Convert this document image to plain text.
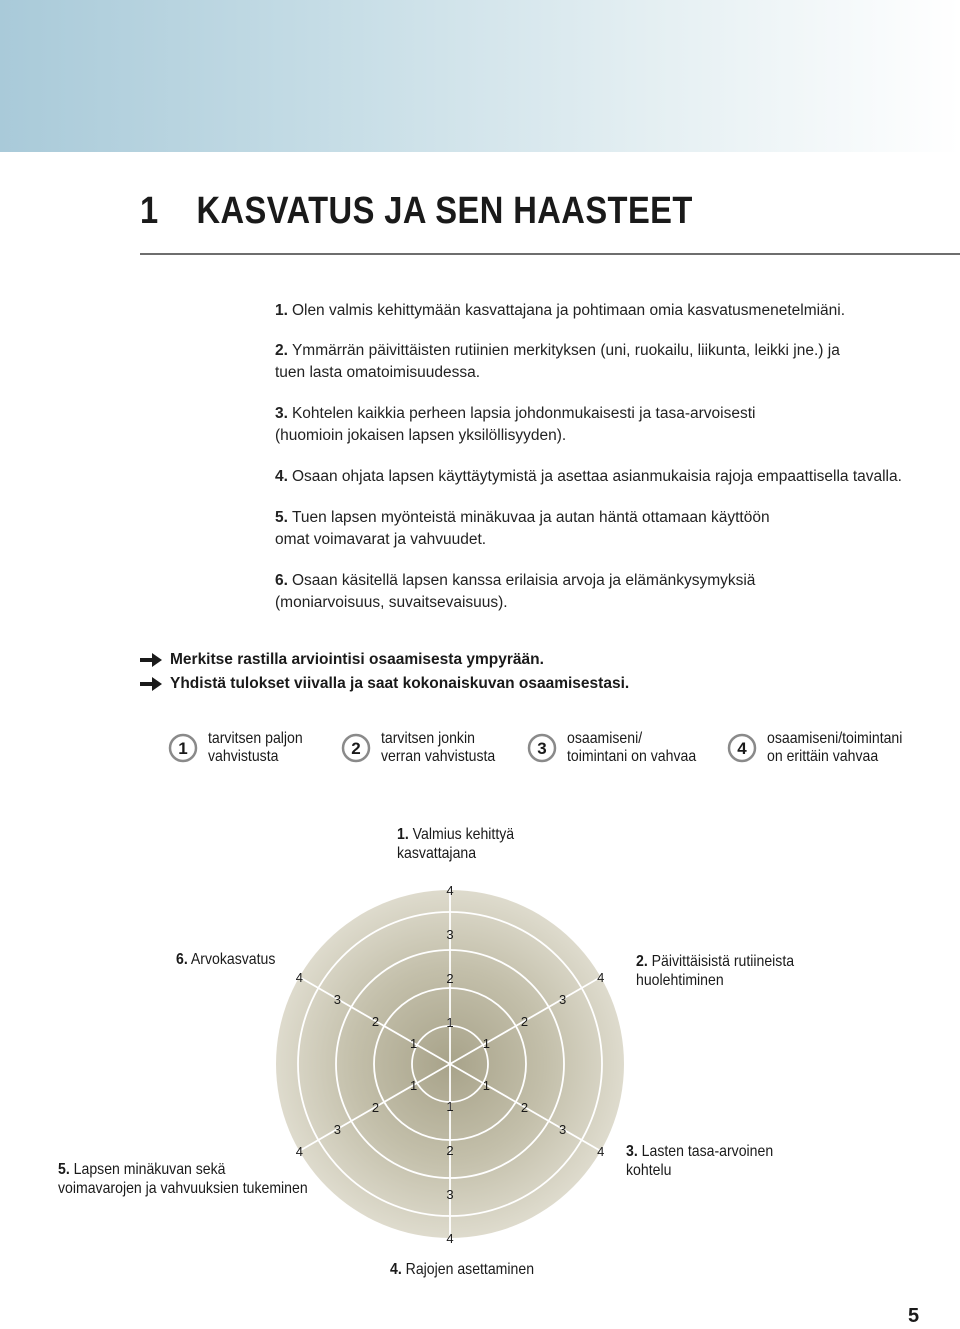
1 KASVATUS JA SEN HAASTEET
1. Olen valmis kehittymään kasvattajana ja pohtimaan omia kasvatusmenetelmiäni.
2. Ymmärrän päivittäisten rutiinien merkityksen (uni, ruokailu, liikunta, leikki jne.) ja tuen lasta omatoimisuudessa.
3. Kohtelen kaikkia perheen lapsia johdonmukaisesti ja tasa-arvoisesti (huomioin jokaisen lapsen yksilöllisyyden).
4. Osaan ohjata lapsen käyttäytymistä ja asettaa asianmukaisia rajoja empaattisella tavalla.
5. Tuen lapsen myönteistä minäkuvaa ja autan häntä ottamaan käyttöön omat voimavarat ja vahvuudet.
6. Osaan käsitellä lapsen kanssa erilaisia arvoja ja elämänkysymyksiä (moniarvoisuus, suvaitsevaisuus).
Merkitse rastilla arviointisi osaamisesta ympyrään.
Yhdistä tulokset viivalla ja saat kokonaiskuvan osaamisestasi.
1
tarvitsen paljon
vahvistusta	2
tarvitsen jonkin
verran vahvistusta 3
osaamiseni/
toimintani on vahvaa 4
osaamiseni/toimintani
on erittäin vahvaa
1
2
3
4
1
2
3
4
1
2
3
4
1
2
3
4
1
2
3
4
1
2
3
4
1. Valmius kehittyä
kasvattajana
2. Päivittäisistä rutiineista
huolehtiminen
3. Lasten tasa-arvoinen
kohtelu
4. Rajojen asettaminen
5. Lapsen minäkuvan sekä
voimavarojen ja vahvuuksien tukeminen
6. Arvokasvatus
5
